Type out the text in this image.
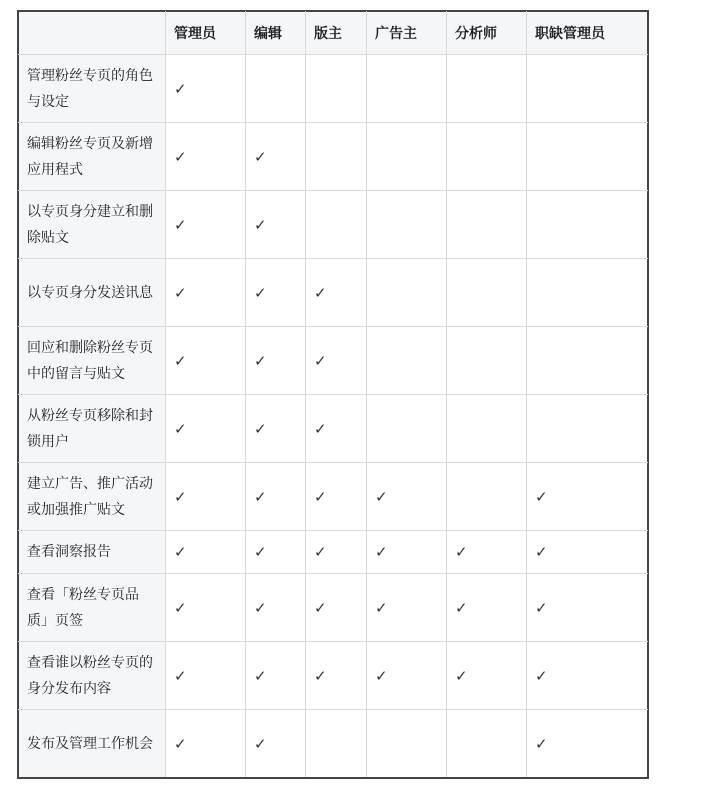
	管理员	编辑	版主	广告主	分析师	职缺管理员
管理粉丝专页的角色与设定	✓					
编辑粉丝专页及新增应用程式	✓	✓				
以专页身分建立和删除贴文	✓	✓				
以专页身分发送讯息	✓	✓	✓			
回应和删除粉丝专页中的留言与贴文	✓	✓	✓			
从粉丝专页移除和封锁用户	✓	✓	✓			
建立广告、推广活动或加强推广贴文	✓	✓	✓	✓		✓
查看洞察报告	✓	✓	✓	✓	✓	✓
查看「粉丝专页品质」页签	✓	✓	✓	✓	✓	✓
查看谁以粉丝专页的身分发布内容	✓	✓	✓	✓	✓	✓
发布及管理工作机会	✓	✓				✓
